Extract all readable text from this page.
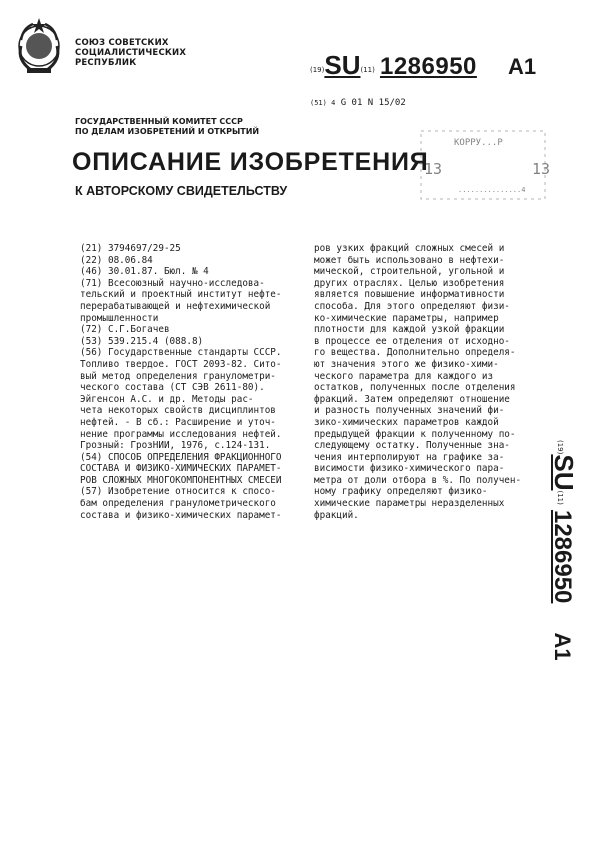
СОЮЗ СОВЕТСКИХ
СОЦИАЛИСТИЧЕСКИХ
РЕСПУБЛИК
(19)SU(11) 1286950 A1
(51) 4 G 01 N 15/02
ГОСУДАРСТВЕННЫЙ КОМИТЕТ СССР
ПО ДЕЛАМ ИЗОБРЕТЕНИЙ И ОТКРЫТИЙ
ОПИСАНИЕ ИЗОБРЕТЕНИЯ
К АВТОРСКОМУ СВИДЕТЕЛЬСТВУ
КОРРУ...Р
13	13
...............4
(21) 3794697/29-25
(22) 08.06.84
(46) 30.01.87. Бюл. № 4
(71) Всесоюзный научно-исследова-
тельский и проектный институт нефте-
перерабатывающей и нефтехимической
промышленности
(72) С.Г.Богачев
(53) 539.215.4 (088.8)
(56) Государственные стандарты СССР.
Топливо твердое. ГОСТ 2093-82. Сито-
вый метод определения гранулометри-
ческого состава (СТ СЭВ 2611-80).
Эйгенсон А.С. и др. Методы рас-
чета некоторых свойств дисциплинтов
нефтей. - В сб.: Расширение и уточ-
нение программы исследования нефтей.
Грозный: ГрозНИИ, 1976, с.124-131.
(54) СПОСОБ ОПРЕДЕЛЕНИЯ ФРАКЦИОННОГО
СОСТАВА И ФИЗИКО-ХИМИЧЕСКИХ ПАРАМЕТ-
РОВ СЛОЖНЫХ МНОГОКОМПОНЕНТНЫХ СМЕСЕЙ
(57) Изобретение относится к спосо-
бам определения гранулометрического
состава и физико-химических парамет-
ров узких фракций сложных смесей и
может быть использовано в нефтехи-
мической, строительной, угольной и
других отраслях. Целью изобретения
является повышение информативности
способа. Для этого определяют физи-
ко-химические параметры, например
плотности для каждой узкой фракции
в процессе ее отделения от исходно-
го вещества. Дополнительно определя-
ют значения этого же физико-хими-
ческого параметра для каждого из
остатков, полученных после отделения
фракций. Затем определяют отношение
и разность полученных значений фи-
зико-химических параметров каждой
предыдущей фракции к полученному по-
следующему остатку. Полученные зна-
чения интерполируют на графике за-
висимости физико-химического пара-
метра от доли отбора в %. По получен-
ному графику определяют физико-
химические параметры неразделенных
фракций.
(19)SU(11) 1286950 A1
